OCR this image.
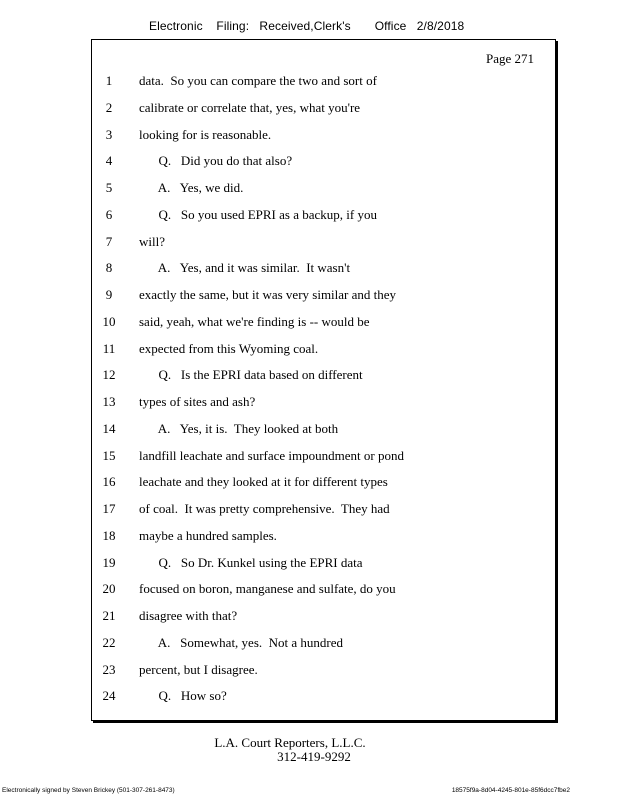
Electronic    Filing:   Received,Clerk's       Office   2/8/2018
Page 271
1	data.  So you can compare the two and sort of
2	calibrate or correlate that, yes, what you're
3	looking for is reasonable.
4	Q.   Did you do that also?
5	A.   Yes, we did.
6	Q.   So you used EPRI as a backup, if you
7	will?
8	A.   Yes, and it was similar.  It wasn't
9	exactly the same, but it was very similar and they
10	said, yeah, what we're finding is -- would be
11	expected from this Wyoming coal.
12	Q.   Is the EPRI data based on different
13	types of sites and ash?
14	A.   Yes, it is.  They looked at both
15	landfill leachate and surface impoundment or pond
16	leachate and they looked at it for different types
17	of coal.  It was pretty comprehensive.  They had
18	maybe a hundred samples.
19	Q.   So Dr. Kunkel using the EPRI data
20	focused on boron, manganese and sulfate, do you
21	disagree with that?
22	A.   Somewhat, yes.  Not a hundred
23	percent, but I disagree.
24	Q.   How so?
L.A. Court Reporters, L.L.C.
312-419-9292
Electronically signed by Steven Brickey (501-307-261-8473)	18575f9a-8d04-4245-801e-85f6dcc7fbe2
